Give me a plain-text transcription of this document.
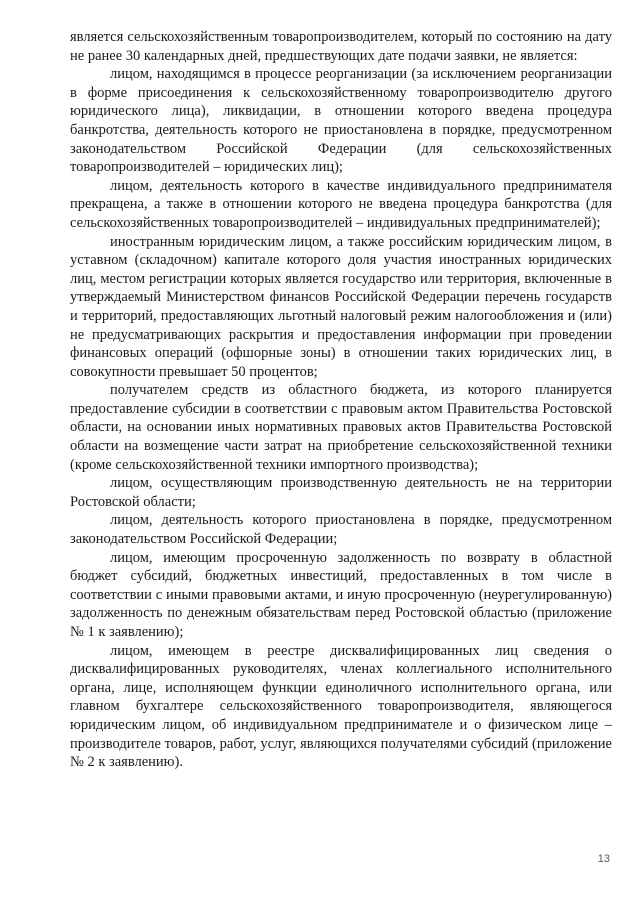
является сельскохозяйственным товаропроизводителем, который по состоянию на дату не ранее 30 календарных дней, предшествующих дате подачи заявки, не является:

лицом, находящимся в процессе реорганизации (за исключением реорганизации в форме присоединения к сельскохозяйственному товаропроизводителю другого юридического лица), ликвидации, в отношении которого введена процедура банкротства, деятельность которого не приостановлена в порядке, предусмотренном законодательством Российской Федерации (для сельскохозяйственных товаропроизводителей – юридических лиц);

лицом, деятельность которого в качестве индивидуального предпринимателя прекращена, а также в отношении которого не введена процедура банкротства (для сельскохозяйственных товаропроизводителей – индивидуальных предпринимателей);

иностранным юридическим лицом, а также российским юридическим лицом, в уставном (складочном) капитале которого доля участия иностранных юридических лиц, местом регистрации которых является государство или территория, включенные в утверждаемый Министерством финансов Российской Федерации перечень государств и территорий, предоставляющих льготный налоговый режим налогообложения и (или) не предусматривающих раскрытия и предоставления информации при проведении финансовых операций (офшорные зоны) в отношении таких юридических лиц, в совокупности превышает 50 процентов;

получателем средств из областного бюджета, из которого планируется предоставление субсидии в соответствии с правовым актом Правительства Ростовской области, на основании иных нормативных правовых актов Правительства Ростовской области на возмещение части затрат на приобретение сельскохозяйственной техники (кроме сельскохозяйственной техники импортного производства);

лицом, осуществляющим производственную деятельность не на территории Ростовской области;

лицом, деятельность которого приостановлена в порядке, предусмотренном законодательством Российской Федерации;

лицом, имеющим просроченную задолженность по возврату в областной бюджет субсидий, бюджетных инвестиций, предоставленных в том числе в соответствии с иными правовыми актами, и иную просроченную (неурегулированную) задолженность по денежным обязательствам перед Ростовской областью (приложение № 1 к заявлению);

лицом, имеющем в реестре дисквалифицированных лиц сведения о дисквалифицированных руководителях, членах коллегиального исполнительного органа, лице, исполняющем функции единоличного исполнительного органа, или главном бухгалтере сельскохозяйственного товаропроизводителя, являющегося юридическим лицом, об индивидуальном предпринимателе и о физическом лице – производителе товаров, работ, услуг, являющихся получателями субсидий (приложение № 2 к заявлению).

13
